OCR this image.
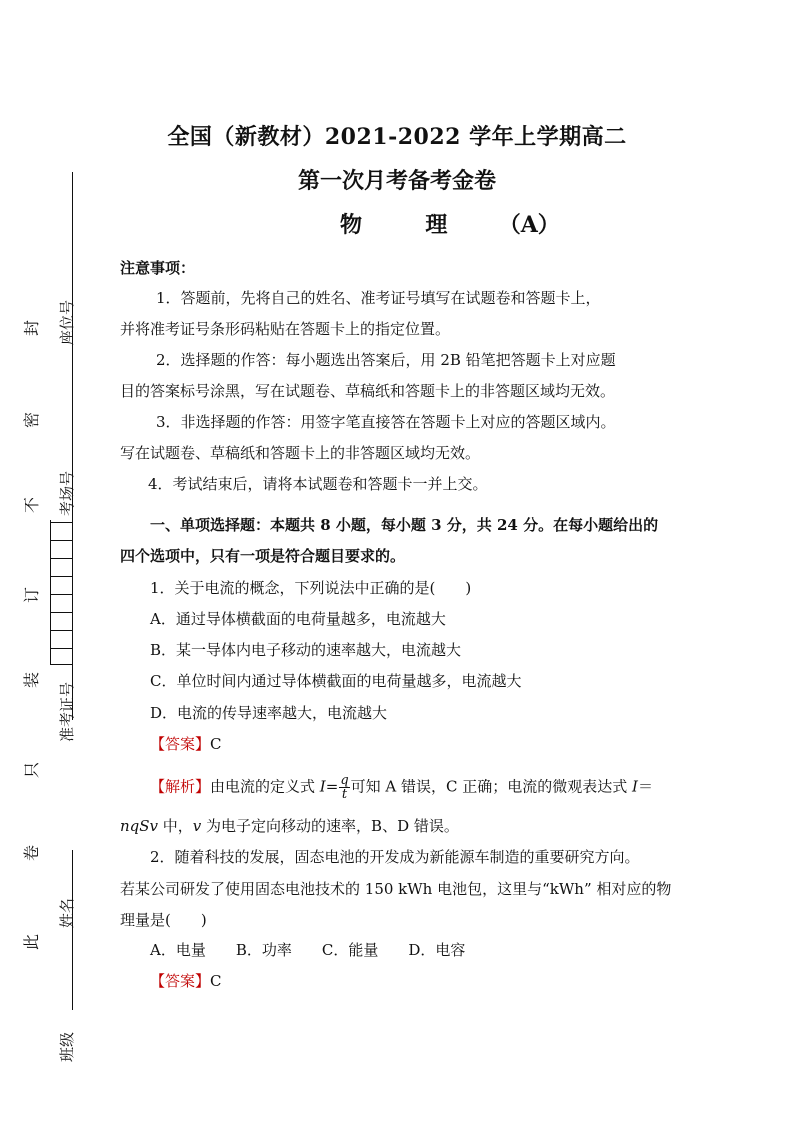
此
卷
只
装
订
不
密
封
班级
姓名
准考证号
考场号
座位号
全国（新教材）2021-2022 学年上学期高二
第一次月考备考金卷
物	理 （A）
注意事项：
1．答题前，先将自己的姓名、准考证号填写在试题卷和答题卡上，
并将准考证号条形码粘贴在答题卡上的指定位置。
2．选择题的作答：每小题选出答案后，用 2B 铅笔把答题卡上对应题
目的答案标号涂黑，写在试题卷、草稿纸和答题卡上的非答题区域均无效。
3．非选择题的作答：用签字笔直接答在答题卡上对应的答题区域内。
写在试题卷、草稿纸和答题卡上的非答题区域均无效。
4．考试结束后，请将本试题卷和答题卡一并上交。
一、单项选择题：本题共 8 小题，每小题 3 分，共 24 分。在每小题给出的
四个选项中，只有一项是符合题目要求的。
1．关于电流的概念，下列说法中正确的是(　　)
A．通过导体横截面的电荷量越多，电流越大
B．某一导体内电子移动的速率越大，电流越大
C．单位时间内通过导体横截面的电荷量越多，电流越大
D．电流的传导速率越大，电流越大
【答案】C
【解析】由电流的定义式 $I= \frac{q}{t}$ 可知 A 错误，C 正确；电流的微观表达式 I＝
nqSv 中，v 为电子定向移动的速率，B、D 错误。
2．随着科技的发展，固态电池的开发成为新能源车制造的重要研究方向。
若某公司研发了使用固态电池技术的 150 kWh 电池包，这里与“kWh” 相对应的物
理量是(　　)
A．电量　　B．功率　　C．能量　　D．电容
【答案】C
